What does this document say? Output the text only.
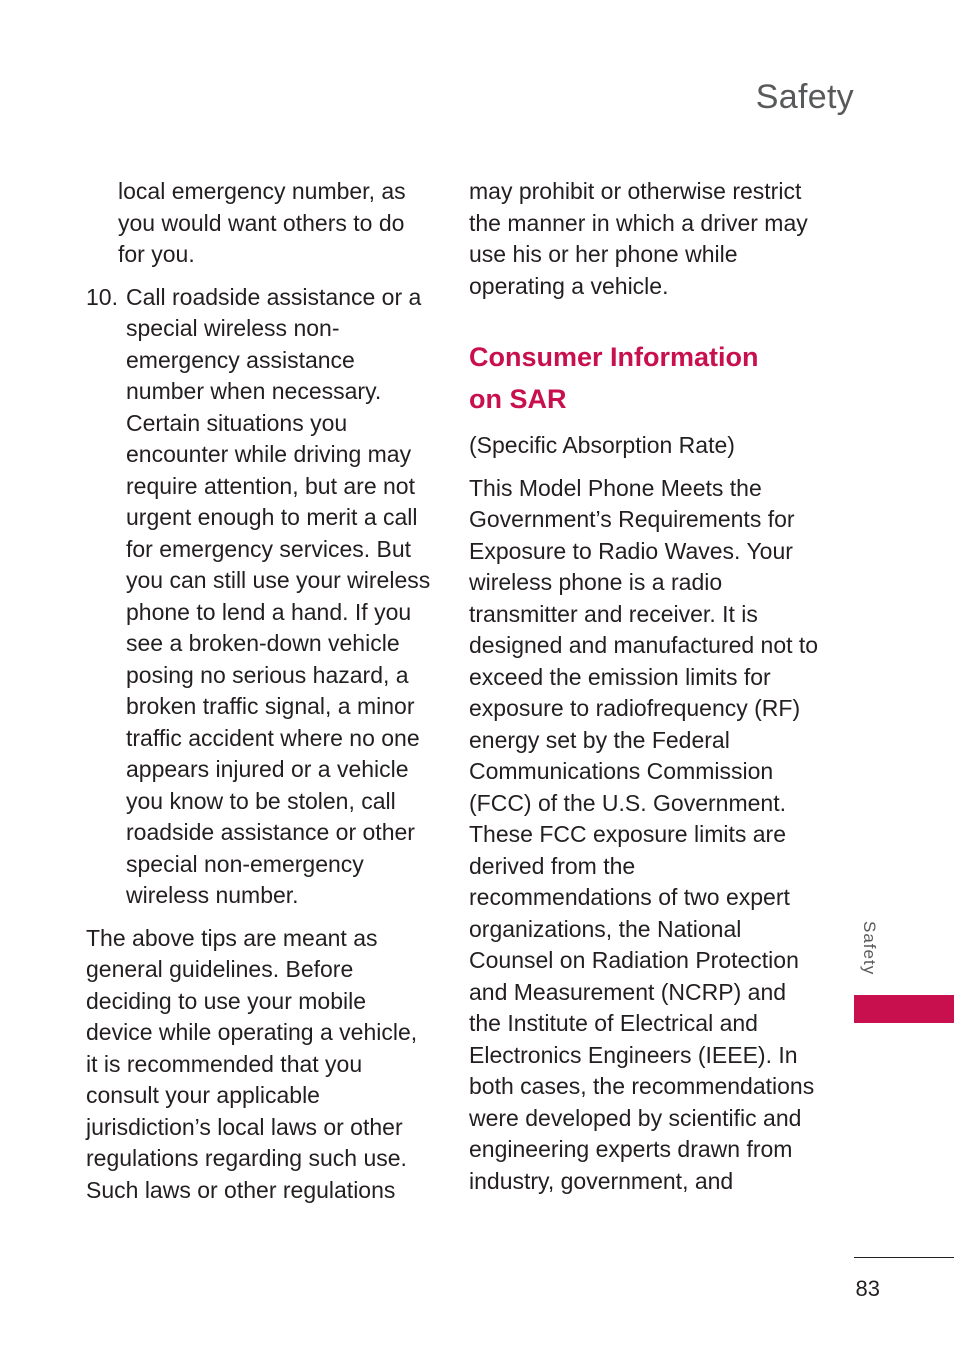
Safety

local emergency number, as you would want others to do for you.

10. Call roadside assistance or a special wireless non-emergency assistance number when necessary. Certain situations you encounter while driving may require attention, but are not urgent enough to merit a call for emergency services. But you can still use your wireless phone to lend a hand. If you see a broken-down vehicle posing no serious hazard, a broken traffic signal, a minor traffic accident where no one appears injured or a vehicle you know to be stolen, call roadside assistance or other special non-emergency wireless number.

The above tips are meant as general guidelines. Before deciding to use your mobile device while operating a vehicle, it is recommended that you consult your applicable jurisdiction’s local laws or other regulations regarding such use. Such laws or other regulations

may prohibit or otherwise restrict the manner in which a driver may use his or her phone while operating a vehicle.

Consumer Information on SAR

(Specific Absorption Rate)

This Model Phone Meets the Government’s Requirements for Exposure to Radio Waves. Your wireless phone is a radio transmitter and receiver. It is designed and manufactured not to exceed the emission limits for exposure to radiofrequency (RF) energy set by the Federal Communications Commission (FCC) of the U.S. Government. These FCC exposure limits are derived from the recommendations of two expert organizations, the National Counsel on Radiation Protection and Measurement (NCRP) and the Institute of Electrical and Electronics Engineers (IEEE). In both cases, the recommendations were developed by scientific and engineering experts drawn from industry, government, and

Safety
83
